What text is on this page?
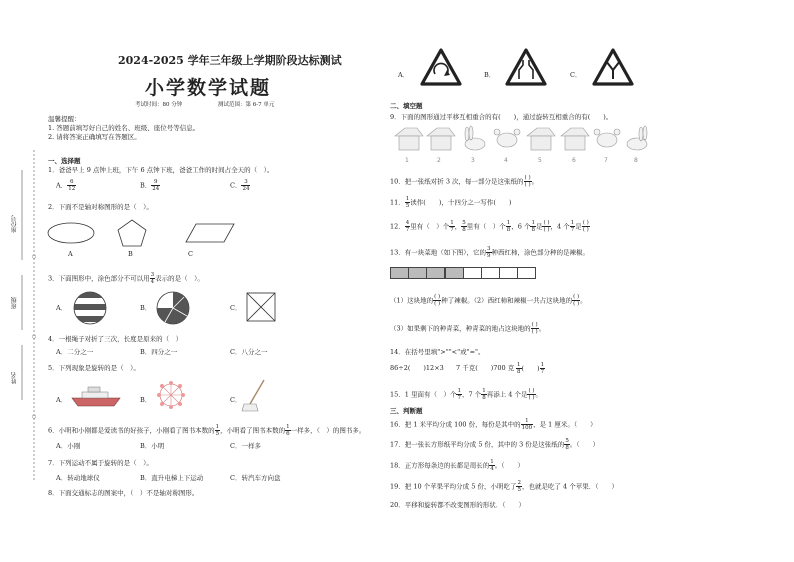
○
○
○
座位号
班级
姓名
2024-2025 学年三年级上学期阶段达标测试
小学数学试题
考试时间：80 分钟	测试范围：第 6-7 单元
温馨提醒：
1. 答题前填写好自己的姓名、班级、座位号等信息。
2. 请将答案正确填写在答题区。
一、选择题
1．爸爸早上 9 点钟上班，下午 6 点钟下班，爸爸工作的时间占全天的（　）。
A． $\frac{6}{12}$	B． $\frac{9}{24}$	C． $\frac{3}{24}$
2．下面不是轴对称图形的是（　）。
A	B	C
3．下面图形中，涂色部分不可以用 $\frac{3}{4}$ 表示的是（　）。
A．	B．	C．
4．一根绳子对折了三次，长度是原来的（　）
A．二分之一	B．四分之一	C．八分之一
5．下列现象是旋转的是（　）。
A．	B．	C．
6．小明和小刚都是爱读书的好孩子，小刚看了图书本数的 $\frac{1}{5}$ ，小明看了图书本数的 $\frac{1}{6}$ 一样多，（　）的图书多。
A．小刚	B．小明	C．一样多
7．下列运动不属于旋转的是（　）。
A．转动地球仪	B．直升电梯上下运动	C．转汽车方向盘
8．下面交通标志的图案中，（　）不是轴对称图形。
A．	B．	C．
二、填空题
9．下面的图形通过平移互相重合的有(　　)，通过旋转互相重合的有(　　)。
1	2	3	4	5	6	7	8
10．把一张纸对折 3 次，每一部分是这张纸的 $\frac{( )}{( )}$ 。
11． $\frac{1}{5}$ 读作(　　)，十四分之一写作(　　)
12． $\frac{4}{7}$ 里有（　）个 $\frac{1}{7}$ ， $\frac{5}{8}$ 里有（　）个 $\frac{1}{8}$ ，6 个 $\frac{1}{8}$ 是 $\frac{( )}{( )}$ ，4 个 $\frac{1}{7}$ 是 $\frac{( )}{( )}$
13．有一块菜地（如下图），它的 $\frac{3}{9}$ 种西红柿，涂色部分种的是辣椒。
（1）这块地的 $\frac{( )}{( )}$ 种了辣椒。（2）西红柿和辣椒一共占这块地的 $\frac{( )}{( )}$ 。
（3）如果剩下的种青菜，种青菜的地占这块地的 $\frac{( )}{( )}$ 。
14．在括号里填">""<"或"="。
86÷2(　　)12×3 7 千克(　　)700 克 $\frac{1}{8}$ (　　) $\frac{1}{7}$
15．1 里面有（　）个 $\frac{1}{7}$ ，7 个 $\frac{1}{8}$ 再添上 4 个是 $\frac{( )}{( )}$ 。
三、判断题
16．把 1 米平均分成 100 份，每份是其中的 $\frac{1}{100}$ ，是 1 厘米。（　　）
17．把一张长方形纸平均分成 5 份，其中的 3 份是这张纸的 $\frac{5}{8}$ 。（　　）
18．正方形每条边的长都是周长的 $\frac{1}{4}$ 。（　　）
19．把 10 个苹果平均分成 5 份，小明吃了 $\frac{2}{5}$ ，也就是吃了 4 个苹果．（　　）
20．平移和旋转都不改变图形的形状．（　　）
